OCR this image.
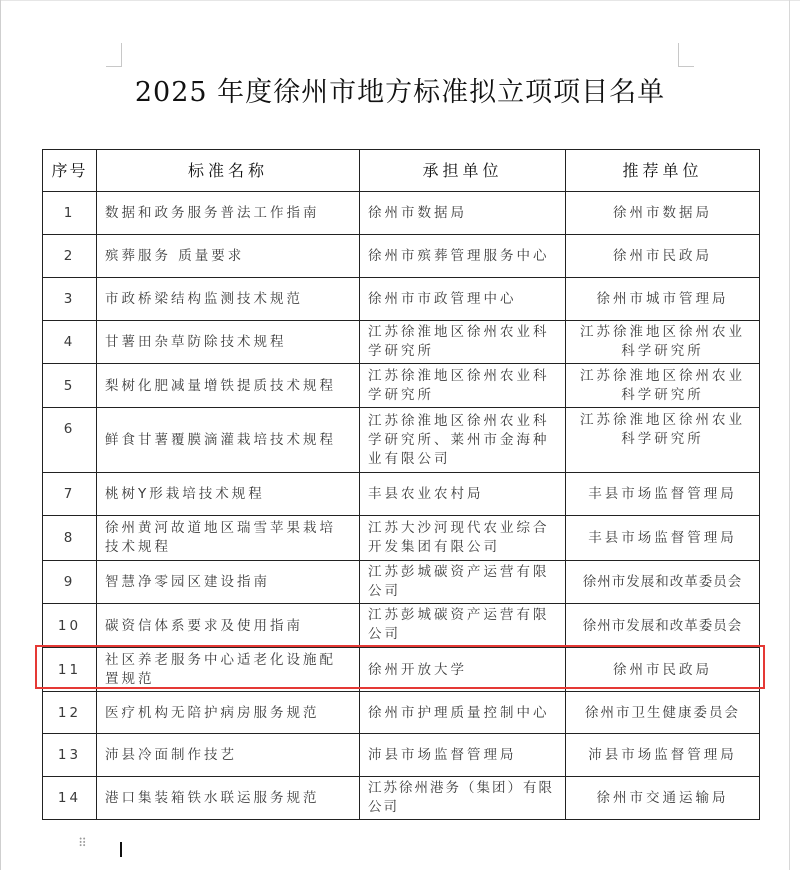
2025 年度徐州市地方标准拟立项项目名单
序号	标准名称	承担单位	推荐单位
1	数据和政务服务普法工作指南	徐州市数据局	徐州市数据局
2	殡葬服务 质量要求	徐州市殡葬管理服务中心	徐州市民政局
3	市政桥梁结构监测技术规范	徐州市市政管理中心	徐州市城市管理局
4	甘薯田杂草防除技术规程	江苏徐淮地区徐州农业科学研究所	江苏徐淮地区徐州农业科学研究所
5	梨树化肥减量增铁提质技术规程	江苏徐淮地区徐州农业科学研究所	江苏徐淮地区徐州农业科学研究所
6	鲜食甘薯覆膜滴灌栽培技术规程	江苏徐淮地区徐州农业科学研究所、莱州市金海种业有限公司	江苏徐淮地区徐州农业科学研究所
7	桃树Y形栽培技术规程	丰县农业农村局	丰县市场监督管理局
8	徐州黄河故道地区瑞雪苹果栽培技术规程	江苏大沙河现代农业综合开发集团有限公司	丰县市场监督管理局
9	智慧净零园区建设指南	江苏彭城碳资产运营有限公司	徐州市发展和改革委员会
10	碳资信体系要求及使用指南	江苏彭城碳资产运营有限公司	徐州市发展和改革委员会
11	社区养老服务中心适老化设施配置规范	徐州开放大学	徐州市民政局
12	医疗机构无陪护病房服务规范	徐州市护理质量控制中心	徐州市卫生健康委员会
13	沛县冷面制作技艺	沛县市场监督管理局	沛县市场监督管理局
14	港口集装箱铁水联运服务规范	江苏徐州港务（集团）有限公司	徐州市交通运输局
⠿
